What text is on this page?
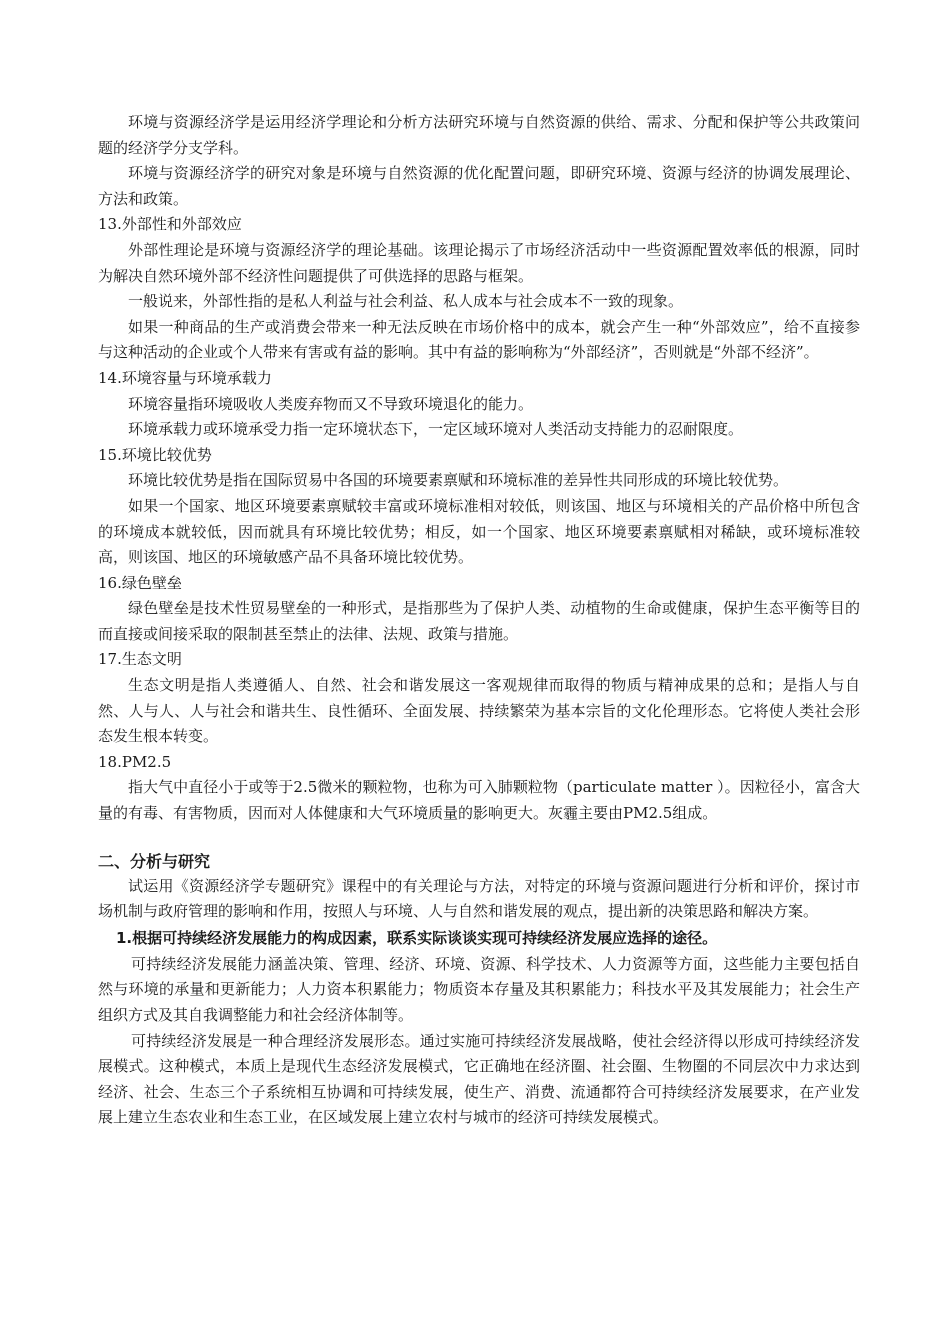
环境与资源经济学是运用经济学理论和分析方法研究环境与自然资源的供给、需求、分配和保护等公共政策问题的经济学分支学科。

环境与资源经济学的研究对象是环境与自然资源的优化配置问题，即研究环境、资源与经济的协调发展理论、方法和政策。

13.外部性和外部效应

外部性理论是环境与资源经济学的理论基础。该理论揭示了市场经济活动中一些资源配置效率低的根源，同时为解决自然环境外部不经济性问题提供了可供选择的思路与框架。

一般说来，外部性指的是私人利益与社会利益、私人成本与社会成本不一致的现象。

如果一种商品的生产或消费会带来一种无法反映在市场价格中的成本，就会产生一种“外部效应”，给不直接参与这种活动的企业或个人带来有害或有益的影响。其中有益的影响称为“外部经济”，否则就是“外部不经济”。

14.环境容量与环境承载力

环境容量指环境吸收人类废弃物而又不导致环境退化的能力。

环境承载力或环境承受力指一定环境状态下，一定区域环境对人类活动支持能力的忍耐限度。

15.环境比较优势

环境比较优势是指在国际贸易中各国的环境要素禀赋和环境标准的差异性共同形成的环境比较优势。

如果一个国家、地区环境要素禀赋较丰富或环境标准相对较低，则该国、地区与环境相关的产品价格中所包含的环境成本就较低，因而就具有环境比较优势；相反，如一个国家、地区环境要素禀赋相对稀缺，或环境标准较高，则该国、地区的环境敏感产品不具备环境比较优势。

16.绿色壁垒

绿色壁垒是技术性贸易壁垒的一种形式，是指那些为了保护人类、动植物的生命或健康，保护生态平衡等目的而直接或间接采取的限制甚至禁止的法律、法规、政策与措施。

17.生态文明

生态文明是指人类遵循人、自然、社会和谐发展这一客观规律而取得的物质与精神成果的总和；是指人与自然、人与人、人与社会和谐共生、良性循环、全面发展、持续繁荣为基本宗旨的文化伦理形态。它将使人类社会形态发生根本转变。

18.PM2.5

指大气中直径小于或等于2.5微米的颗粒物，也称为可入肺颗粒物（particulate matter ）。因粒径小，富含大量的有毒、有害物质，因而对人体健康和大气环境质量的影响更大。灰霾主要由PM2.5组成。

二、分析与研究

试运用《资源经济学专题研究》课程中的有关理论与方法，对特定的环境与资源问题进行分析和评价，探讨市场机制与政府管理的影响和作用，按照人与环境、人与自然和谐发展的观点，提出新的决策思路和解决方案。

1.根据可持续经济发展能力的构成因素，联系实际谈谈实现可持续经济发展应选择的途径。

可持续经济发展能力涵盖决策、管理、经济、环境、资源、科学技术、人力资源等方面，这些能力主要包括自然与环境的承量和更新能力；人力资本积累能力；物质资本存量及其积累能力；科技水平及其发展能力；社会生产组织方式及其自我调整能力和社会经济体制等。

可持续经济发展是一种合理经济发展形态。通过实施可持续经济发展战略，使社会经济得以形成可持续经济发展模式。这种模式，本质上是现代生态经济发展模式，它正确地在经济圈、社会圈、生物圈的不同层次中力求达到经济、社会、生态三个子系统相互协调和可持续发展，使生产、消费、流通都符合可持续经济发展要求，在产业发展上建立生态农业和生态工业，在区域发展上建立农村与城市的经济可持续发展模式。
